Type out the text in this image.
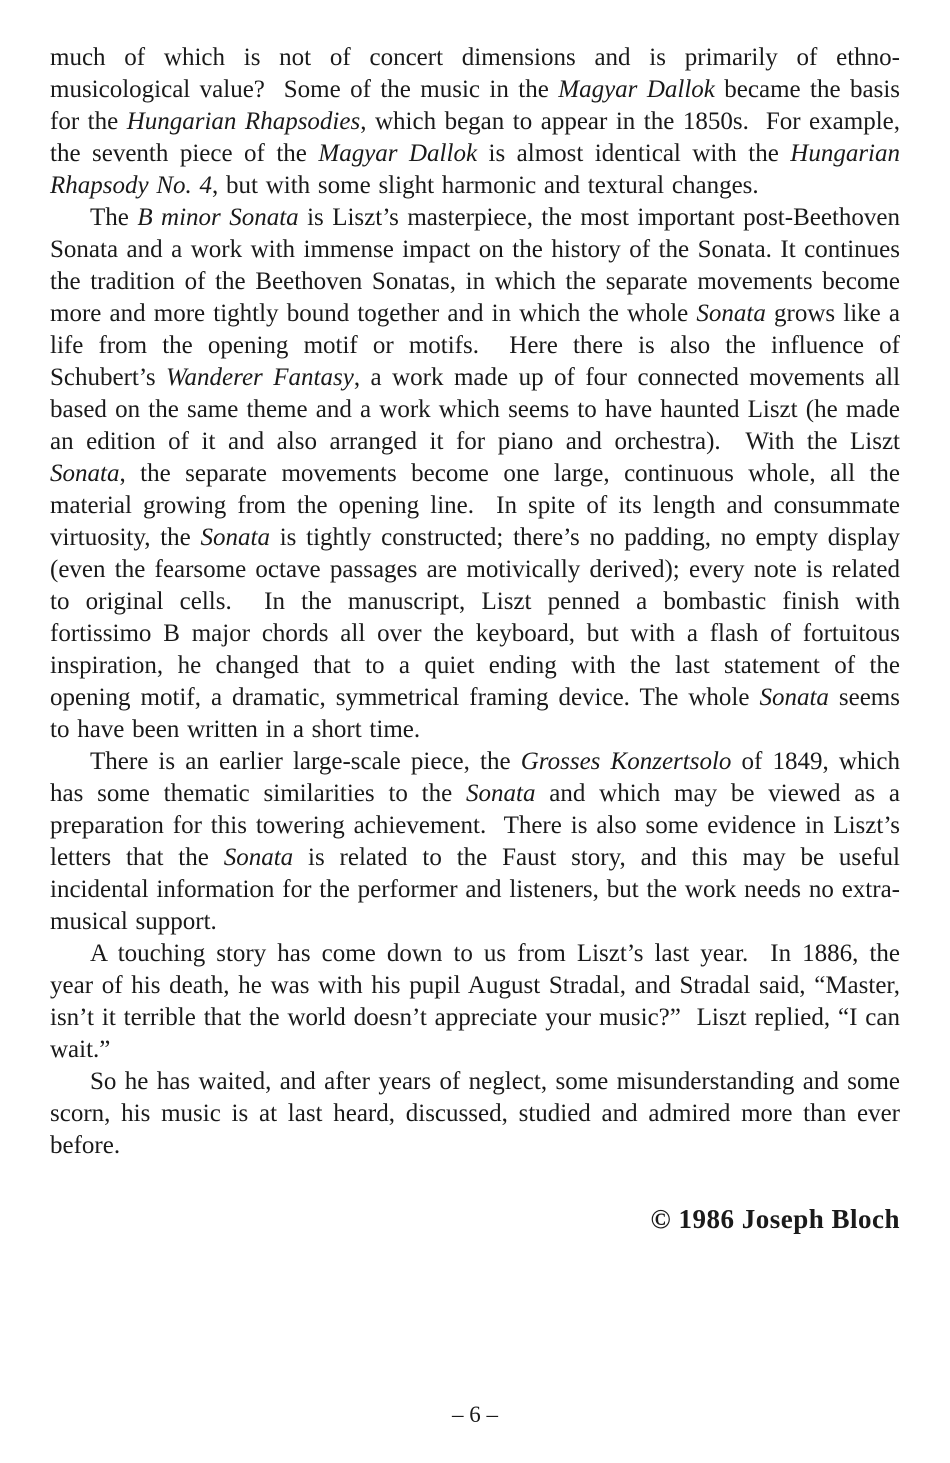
much of which is not of concert dimensions and is primarily of ethno-musicological value?  Some of the music in the Magyar Dallok became the basis for the Hungarian Rhapsodies, which began to appear in the 1850s.  For example, the seventh piece of the Magyar Dallok is almost identical with the Hungarian Rhapsody No. 4, but with some slight harmonic and textural changes.

The B minor Sonata is Liszt’s masterpiece, the most important post-Beethoven Sonata and a work with immense impact on the history of the Sonata. It continues the tradition of the Beethoven Sonatas, in which the separate movements become more and more tightly bound together and in which the whole Sonata grows like a life from the opening motif or motifs.  Here there is also the influence of Schubert’s Wanderer Fantasy, a work made up of four connected movements all based on the same theme and a work which seems to have haunted Liszt (he made an edition of it and also arranged it for piano and orchestra).  With the Liszt Sonata, the separate movements become one large, continuous whole, all the material growing from the opening line.  In spite of its length and consummate virtuosity, the Sonata is tightly constructed; there’s no padding, no empty display (even the fearsome octave passages are motivically derived); every note is related to original cells.  In the manuscript, Liszt penned a bombastic finish with fortissimo B major chords all over the keyboard, but with a flash of fortuitous inspiration, he changed that to a quiet ending with the last statement of the opening motif, a dramatic, symmetrical framing device. The whole Sonata seems to have been written in a short time.

There is an earlier large-scale piece, the Grosses Konzertsolo of 1849, which has some thematic similarities to the Sonata and which may be viewed as a preparation for this towering achievement.  There is also some evidence in Liszt’s letters that the Sonata is related to the Faust story, and this may be useful incidental information for the performer and listeners, but the work needs no extra-musical support.

A touching story has come down to us from Liszt’s last year.  In 1886, the year of his death, he was with his pupil August Stradal, and Stradal said, “Master, isn’t it terrible that the world doesn’t appreciate your music?”  Liszt replied, “I can wait.”

So he has waited, and after years of neglect, some misunderstanding and some scorn, his music is at last heard, discussed, studied and admired more than ever before.

© 1986 Joseph Bloch
– 6 –
